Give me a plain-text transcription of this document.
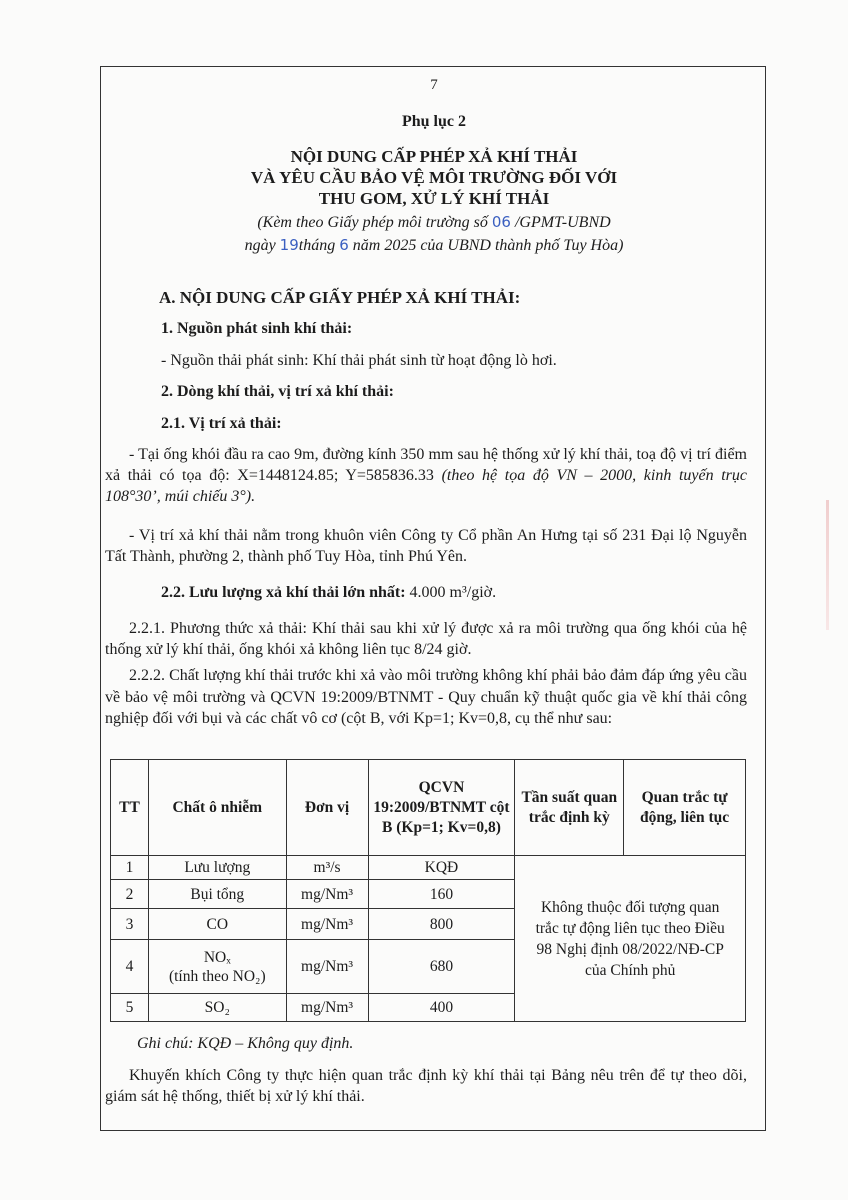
7
Phụ lục 2
NỘI DUNG CẤP PHÉP XẢ KHÍ THẢI
VÀ YÊU CẦU BẢO VỆ MÔI TRƯỜNG ĐỐI VỚI
THU GOM, XỬ LÝ KHÍ THẢI
(Kèm theo Giấy phép môi trường số 06 /GPMT-UBND
ngày 19tháng 6 năm 2025 của UBND thành phố Tuy Hòa)
A. NỘI DUNG CẤP GIẤY PHÉP XẢ KHÍ THẢI:
1. Nguồn phát sinh khí thải:
- Nguồn thải phát sinh: Khí thải phát sinh từ hoạt động lò hơi.
2. Dòng khí thải, vị trí xả khí thải:
2.1. Vị trí xả thải:
- Tại ống khói đầu ra cao 9m, đường kính 350 mm sau hệ thống xử lý khí thải, toạ độ vị trí điểm xả thải có tọa độ: X=1448124.85; Y=585836.33 (theo hệ tọa độ VN – 2000, kinh tuyến trục 108°30’, múi chiếu 3°).
- Vị trí xả khí thải nằm trong khuôn viên Công ty Cổ phần An Hưng tại số 231 Đại lộ Nguyễn Tất Thành, phường 2, thành phố Tuy Hòa, tỉnh Phú Yên.
2.2. Lưu lượng xả khí thải lớn nhất: 4.000 m³/giờ.
2.2.1. Phương thức xả thải: Khí thải sau khi xử lý được xả ra môi trường qua ống khói của hệ thống xử lý khí thải, ống khói xả không liên tục 8/24 giờ.
2.2.2. Chất lượng khí thải trước khi xả vào môi trường không khí phải bảo đảm đáp ứng yêu cầu về bảo vệ môi trường và QCVN 19:2009/BTNMT - Quy chuẩn kỹ thuật quốc gia về khí thải công nghiệp đối với bụi và các chất vô cơ (cột B, với Kp=1; Kv=0,8, cụ thể như sau:
TT	Chất ô nhiễm	Đơn vị	QCVN 19:2009/BTNMT cột B (Kp=1; Kv=0,8)	Tần suất quan trắc định kỳ	Quan trắc tự động, liên tục
1	Lưu lượng	m³/s	KQĐ	Không thuộc đối tượng quan trắc tự động liên tục theo Điều 98 Nghị định 08/2022/NĐ-CP của Chính phủ	
2	Bụi tổng	mg/Nm³	160		
3	CO	mg/Nm³	800		
4	NOₓ
(tính theo NO₂)	mg/Nm³	680		
5	SO₂	mg/Nm³	400		
Ghi chú: KQĐ – Không quy định.
Khuyến khích Công ty thực hiện quan trắc định kỳ khí thải tại Bảng nêu trên để tự theo dõi, giám sát hệ thống, thiết bị xử lý khí thải.
